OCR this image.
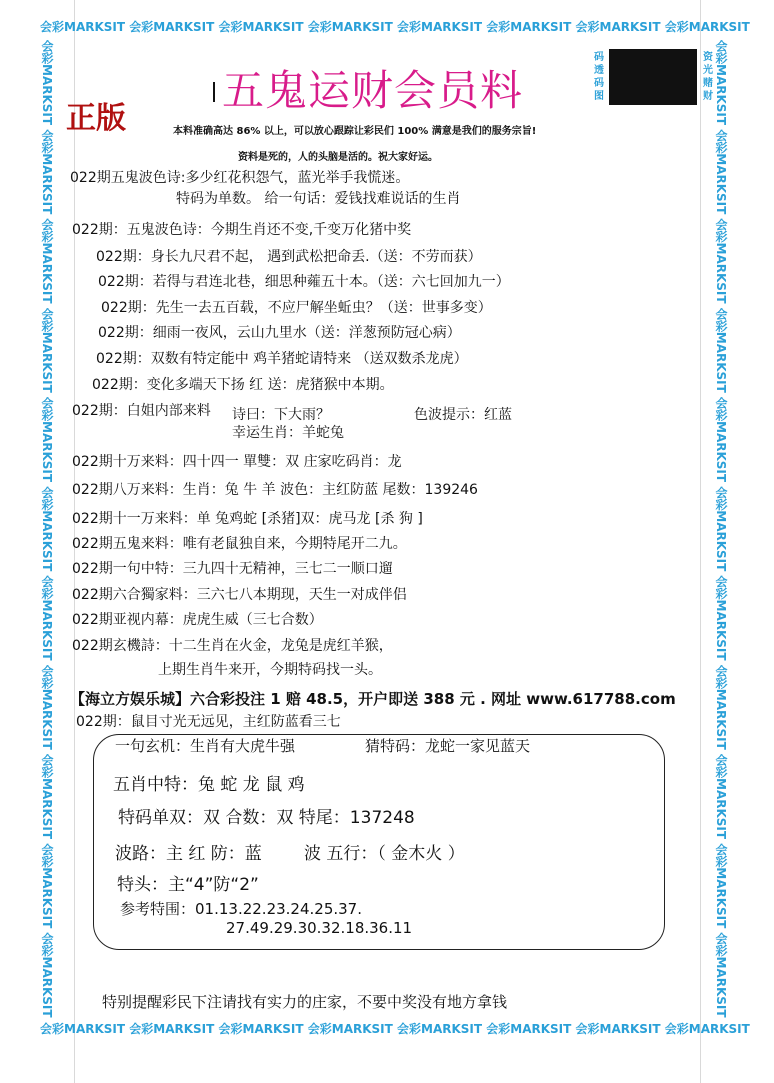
会彩MARKSIT 会彩MARKSIT 会彩MARKSIT 会彩MARKSIT 会彩MARKSIT 会彩MARKSIT 会彩MARKSIT 会彩MARKSIT
会彩MARKSIT 会彩MARKSIT 会彩MARKSIT 会彩MARKSIT 会彩MARKSIT 会彩MARKSIT 会彩MARKSIT 会彩MARKSIT
会彩MARKSIT 会彩MARKSIT 会彩MARKSIT 会彩MARKSIT 会彩MARKSIT 会彩MARKSIT 会彩MARKSIT 会彩MARKSIT 会彩MARKSIT 会彩MARKSIT 会彩MARKSIT
会彩MARKSIT 会彩MARKSIT 会彩MARKSIT 会彩MARKSIT 会彩MARKSIT 会彩MARKSIT 会彩MARKSIT 会彩MARKSIT 会彩MARKSIT 会彩MARKSIT 会彩MARKSIT
五鬼运财会员料
正版
码透码图
资光赌财
本料准确高达 86% 以上，可以放心跟踪让彩民们 100% 满意是我们的服务宗旨!
资料是死的，人的头脑是活的。祝大家好运。
022期五鬼波色诗:多少红花积怨气，蓝光举手我慌迷。
特码为单数。 给一句话：爱钱找难说话的生肖
022期：五鬼波色诗：今期生肖还不变,千变万化猪中奖
022期：身长九尺君不起， 遇到武松把命丢.（送：不劳而获）
022期：若得与君连北巷，细思种蕹五十本。（送：六七回加九一）
022期：先生一去五百载，不应尸解坐蚯虫？（送：世事多变）
022期：细雨一夜风，云山九里水（送：洋葱预防冠心病）
022期：双数有特定能中 鸡羊猪蛇请特来 （送双数杀龙虎）
022期：变化多端天下扬 红 送：虎猪猴中本期。
022期：白姐内部来料 诗曰：下大雨？	色波提示：红蓝
幸运生肖：羊蛇兔
022期十万来料：四十四一 單雙：双 庄家吃码肖：龙
022期八万来料：生肖：兔 牛 羊 波色：主红防蓝 尾数：139246
022期十一万来料：单 兔鸡蛇 [杀猪]双：虎马龙 [杀 狗 ]
022期五鬼来料：唯有老鼠独自来，今期特尾开二九。
022期一句中特：三九四十无精神，三七二一顺口遛
022期六合獨家料：三六七八本期现，天生一对成伴侣
022期亚视内幕：虎虎生威（三七合数）
022期玄機詩：十二生肖在火金，龙兔是虎红羊猴，
上期生肖牛来开，今期特码找一头。
【海立方娱乐城】六合彩投注 1 赔 48.5，开户即送 388 元 . 网址 www.617788.com
022期：鼠目寸光无远见，主红防蓝看三七
一句玄机：生肖有大虎牛强	猜特码：龙蛇一家见蓝天
五肖中特：兔 蛇 龙 鼠 鸡
特码单双：双 合数：双 特尾：137248
波路：主 红 防：蓝 波 五行：（ 金木火 ）
特头：主“4”防“2”
参考特围：01.13.22.23.24.25.37.
27.49.29.30.32.18.36.11
特别提醒彩民下注请找有实力的庄家，不要中奖没有地方拿钱
